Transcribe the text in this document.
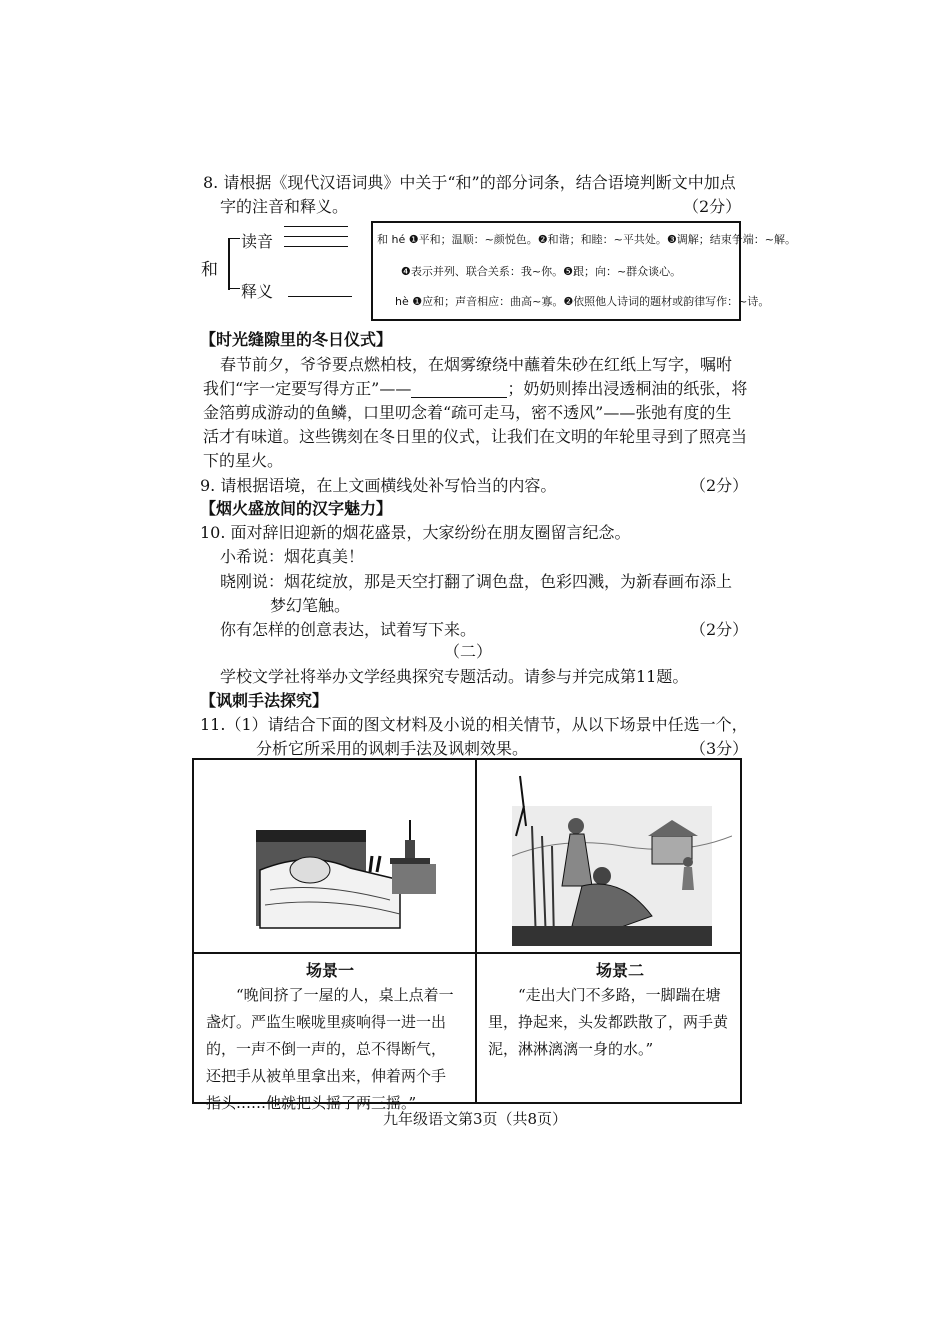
8. 请根据《现代汉语词典》中关于“和”的部分词条，结合语境判断文中加点
字的注音和释义。	（2分）
和
读音
释义
和 hé ❶平和；温顺：~颜悦色。❷和谐；和睦：~平共处。❸调解；结束争端：~解。
❹表示并列、联合关系：我~你。❺跟；向：~群众谈心。
hè ❶应和；声音相应：曲高~寡。❷依照他人诗词的题材或韵律写作：~诗。
【时光缝隙里的冬日仪式】
春节前夕，爷爷要点燃柏枝，在烟雾缭绕中蘸着朱砂在红纸上写字，嘱咐
我们“字一定要写得方正”——	；奶奶则捧出浸透桐油的纸张，将
金箔剪成游动的鱼鳞，口里叨念着“疏可走马，密不透风”——张弛有度的生
活才有味道。这些镌刻在冬日里的仪式，让我们在文明的年轮里寻到了照亮当
下的星火。
9. 请根据语境，在上文画横线处补写恰当的内容。	（2分）
【烟火盛放间的汉字魅力】
10. 面对辞旧迎新的烟花盛景，大家纷纷在朋友圈留言纪念。
小希说：烟花真美！
晓刚说：烟花绽放，那是天空打翻了调色盘，色彩四溅，为新春画布添上
梦幻笔触。
你有怎样的创意表达，试着写下来。	（2分）
（二）
学校文学社将举办文学经典探究专题活动。请参与并完成第11题。
【讽刺手法探究】
11.（1）请结合下面的图文材料及小说的相关情节，从以下场景中任选一个，
分析它所采用的讽刺手法及讽刺效果。	（3分）
场景一
“晚间挤了一屋的人，桌上点着一盏灯。严监生喉咙里痰响得一进一出的，一声不倒一声的，总不得断气，还把手从被单里拿出来，伸着两个手指头……他就把头摇了两三摇。”
场景二
“走出大门不多路，一脚踹在塘里，挣起来，头发都跌散了，两手黄泥，淋淋漓漓一身的水。”
九年级语文第3页（共8页）
